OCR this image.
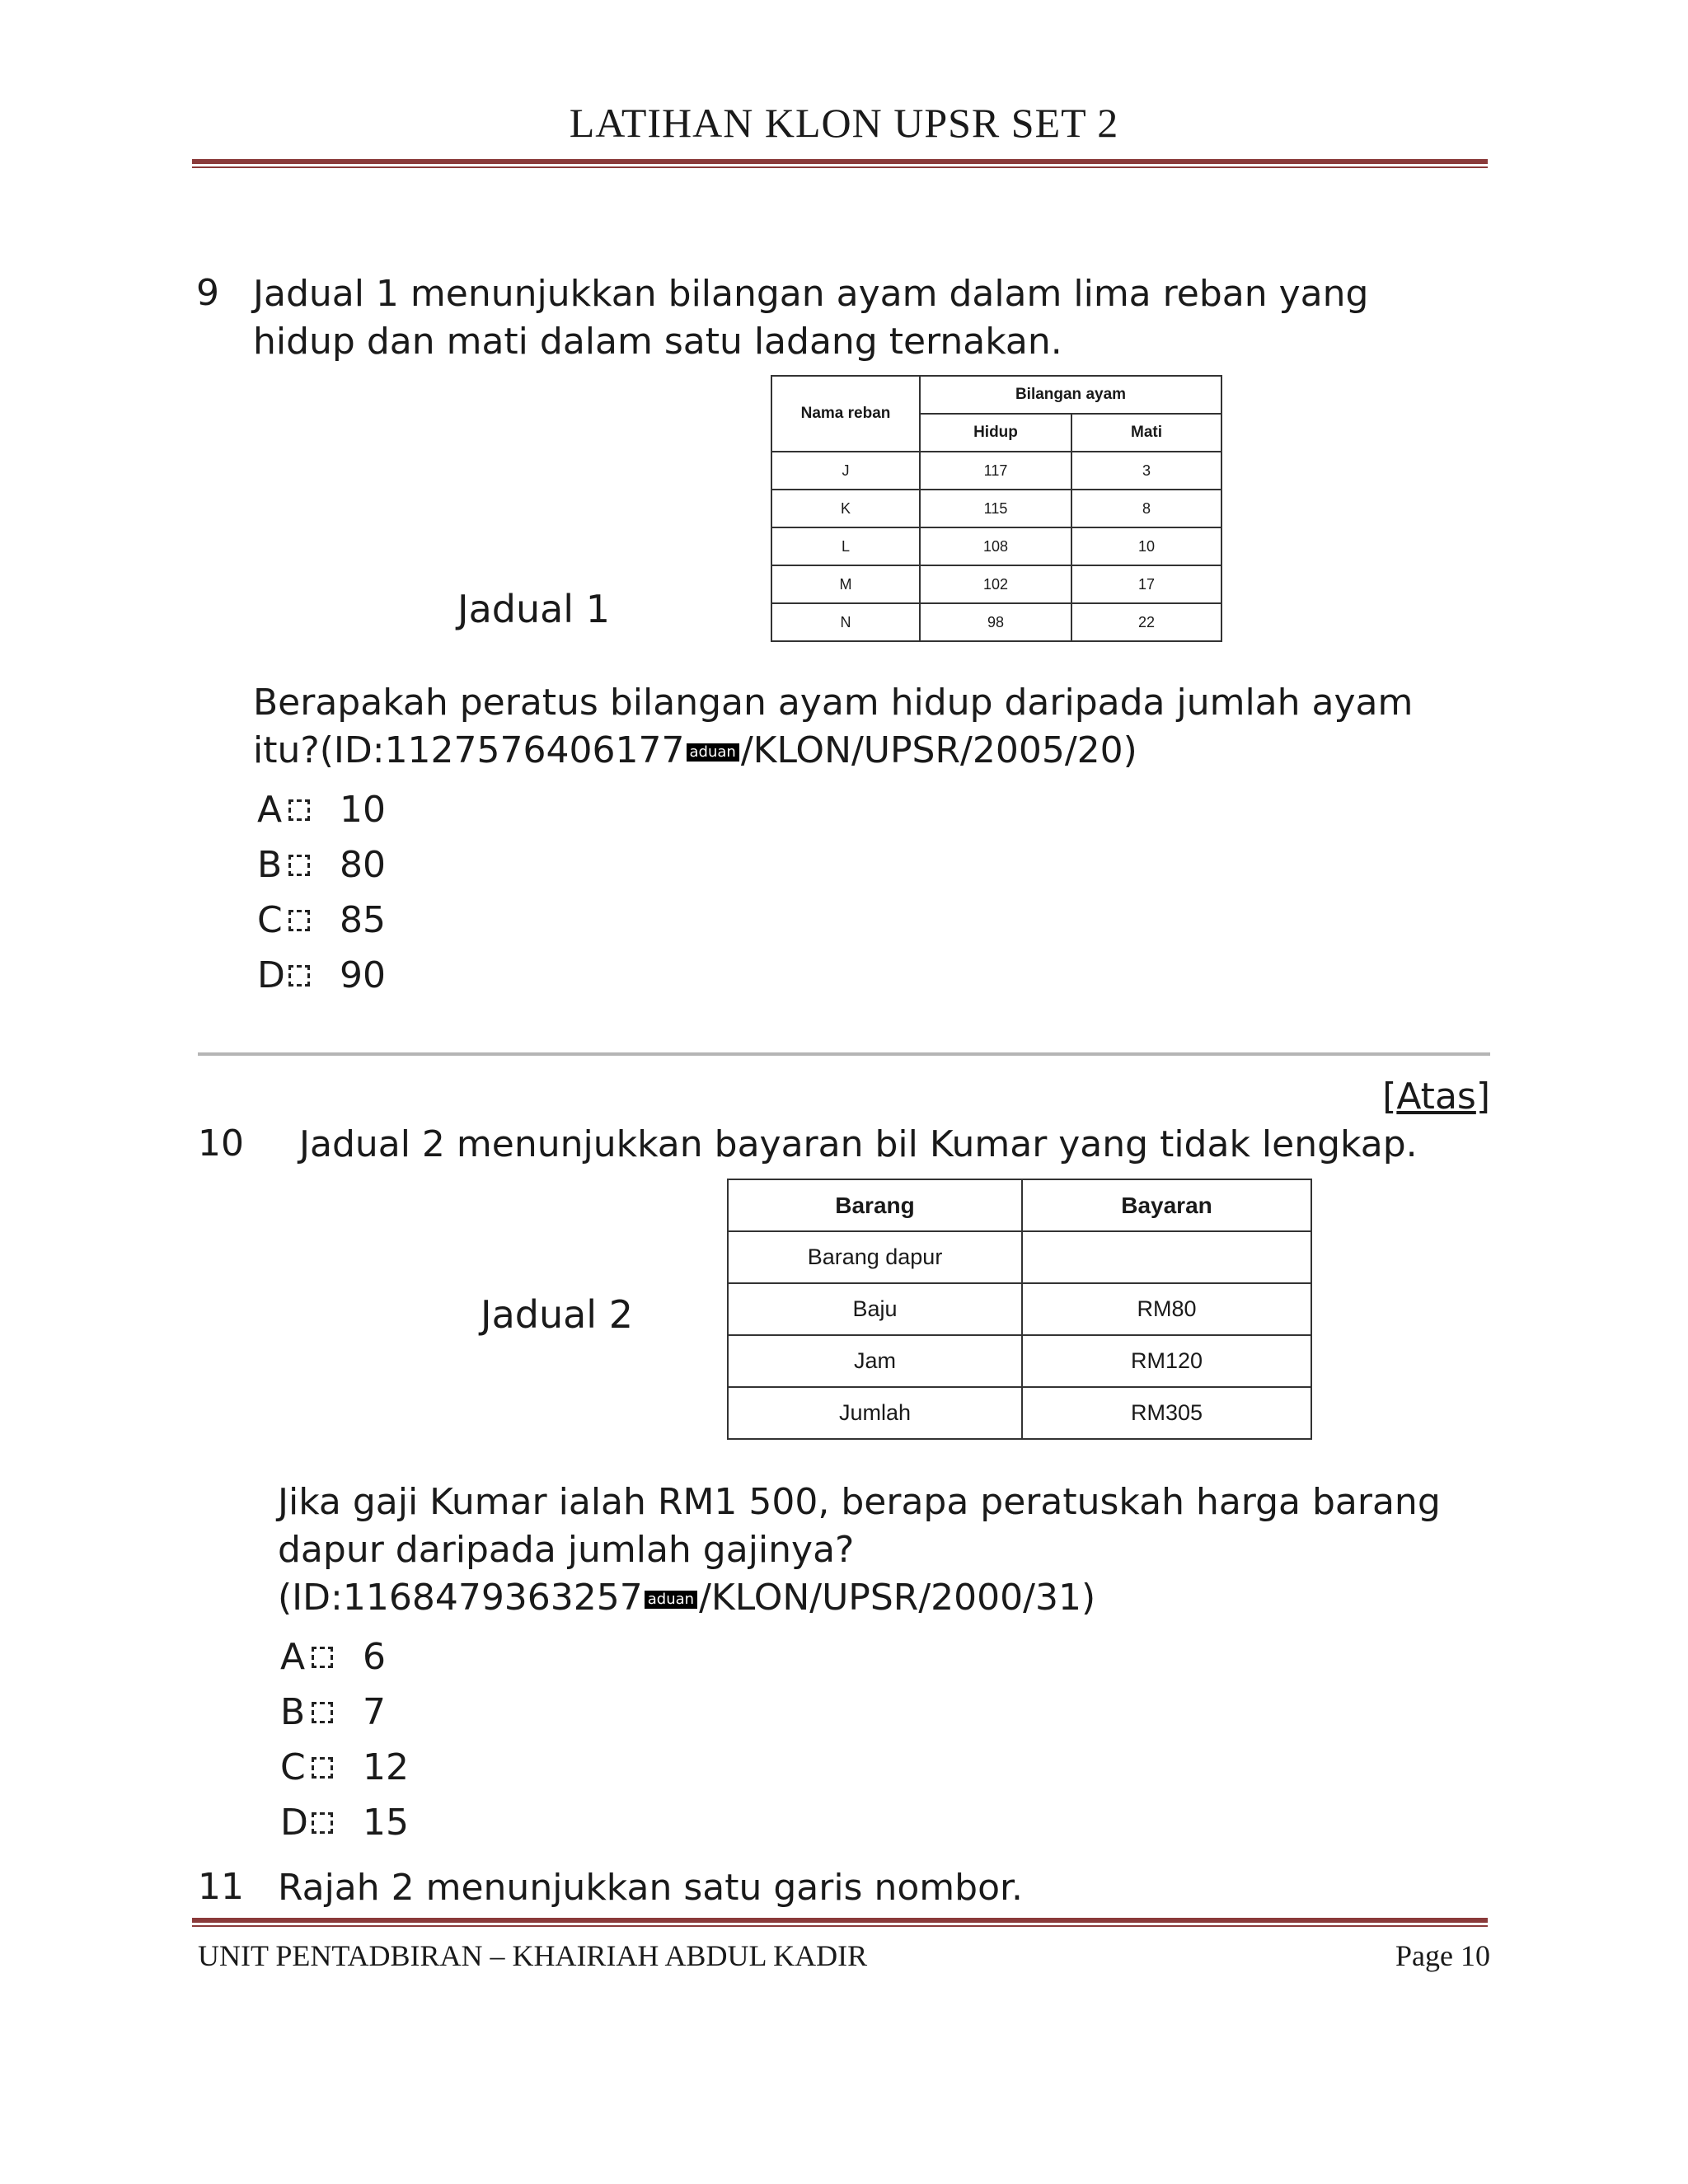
LATIHAN KLON UPSR SET 2
9 Jadual 1 menunjukkan bilangan ayam dalam lima reban yang
hidup dan mati dalam satu ladang ternakan.
Jadual 1
Nama reban	Bilangan ayam	
	Hidup	Mati
J	117	3
K	115	8
L	108	10
M	102	17
N	98	22
Berapakah peratus bilangan ayam hidup daripada jumlah ayam
itu?(ID:1127576406177 aduan /KLON/UPSR/2005/20)
A 10
B 80
C 85
D 90
[Atas]
10 Jadual 2 menunjukkan bayaran bil Kumar yang tidak lengkap.
Jadual 2
Barang	Bayaran
Barang dapur	
Baju	RM80
Jam	RM120
Jumlah	RM305
Jika gaji Kumar ialah RM1 500, berapa peratuskah harga barang
dapur daripada jumlah gajinya?
(ID:1168479363257 aduan /KLON/UPSR/2000/31)
A 6
B 7
C 12
D 15
11 Rajah 2 menunjukkan satu garis nombor.
UNIT PENTADBIRAN – KHAIRIAH ABDUL KADIR	Page 10
